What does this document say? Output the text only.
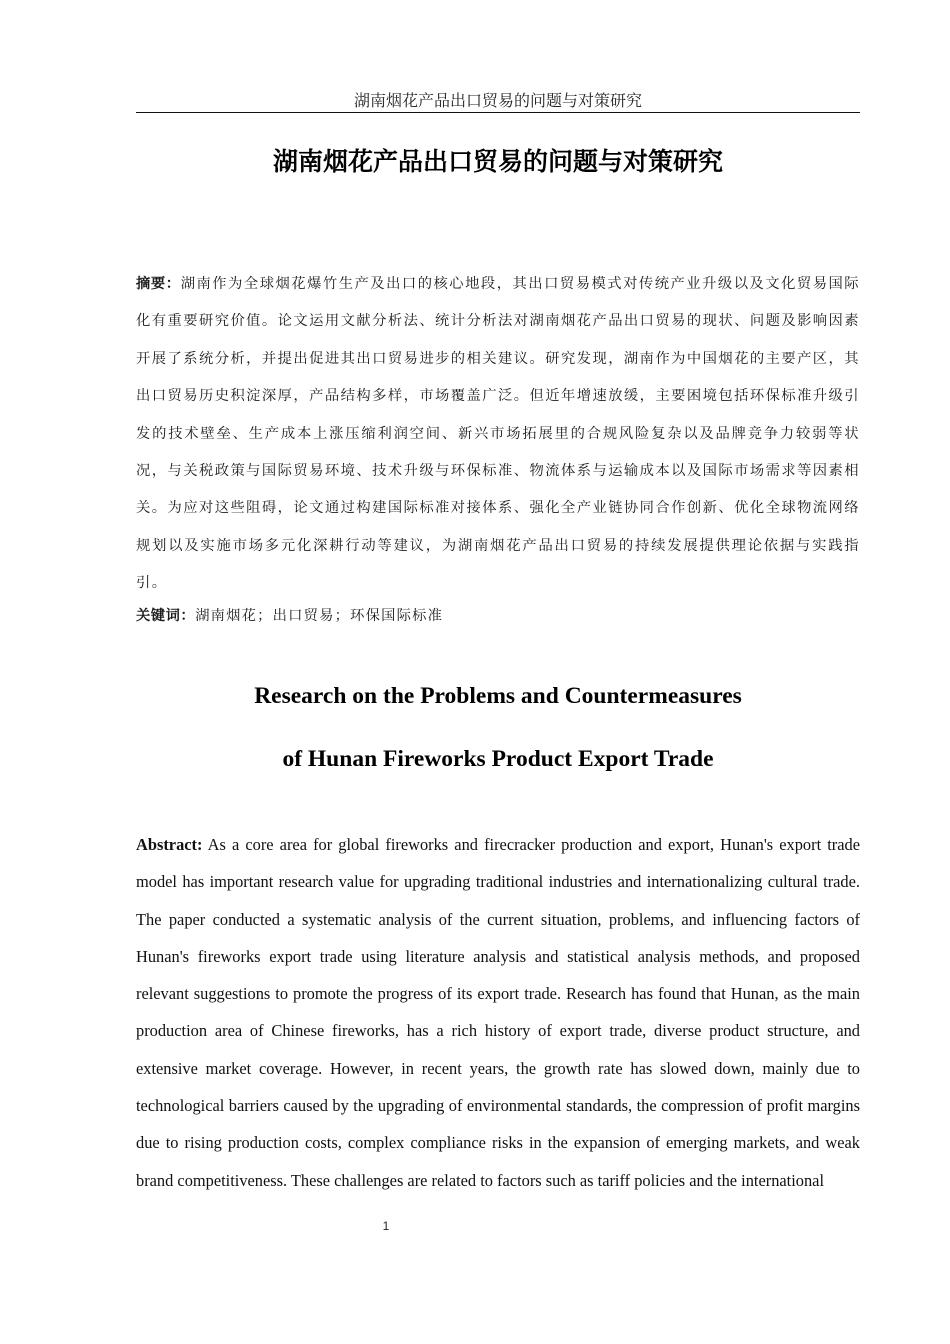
湖南烟花产品出口贸易的问题与对策研究
湖南烟花产品出口贸易的问题与对策研究
摘要：湖南作为全球烟花爆竹生产及出口的核心地段，其出口贸易模式对传统产业升级以及文化贸易国际化有重要研究价值。论文运用文献分析法、统计分析法对湖南烟花产品出口贸易的现状、问题及影响因素开展了系统分析，并提出促进其出口贸易进步的相关建议。研究发现，湖南作为中国烟花的主要产区，其出口贸易历史积淀深厚，产品结构多样，市场覆盖广泛。但近年增速放缓，主要困境包括环保标准升级引发的技术壁垒、生产成本上涨压缩利润空间、新兴市场拓展里的合规风险复杂以及品牌竞争力较弱等状况，与关税政策与国际贸易环境、技术升级与环保标准、物流体系与运输成本以及国际市场需求等因素相关。为应对这些阻碍，论文通过构建国际标准对接体系、强化全产业链协同合作创新、优化全球物流网络规划以及实施市场多元化深耕行动等建议，为湖南烟花产品出口贸易的持续发展提供理论依据与实践指引。
关键词：湖南烟花；出口贸易；环保国际标准
Research on the Problems and Countermeasures
of Hunan Fireworks Product Export Trade
Abstract: As a core area for global fireworks and firecracker production and export, Hunan's export trade model has important research value for upgrading traditional industries and internationalizing cultural trade. The paper conducted a systematic analysis of the current situation, problems, and influencing factors of Hunan's fireworks export trade using literature analysis and statistical analysis methods, and proposed relevant suggestions to promote the progress of its export trade. Research has found that Hunan, as the main production area of Chinese fireworks, has a rich history of export trade, diverse product structure, and extensive market coverage. However, in recent years, the growth rate has slowed down, mainly due to technological barriers caused by the upgrading of environmental standards, the compression of profit margins due to rising production costs, complex compliance risks in the expansion of emerging markets, and weak brand competitiveness. These challenges are related to factors such as tariff policies and the international
1
